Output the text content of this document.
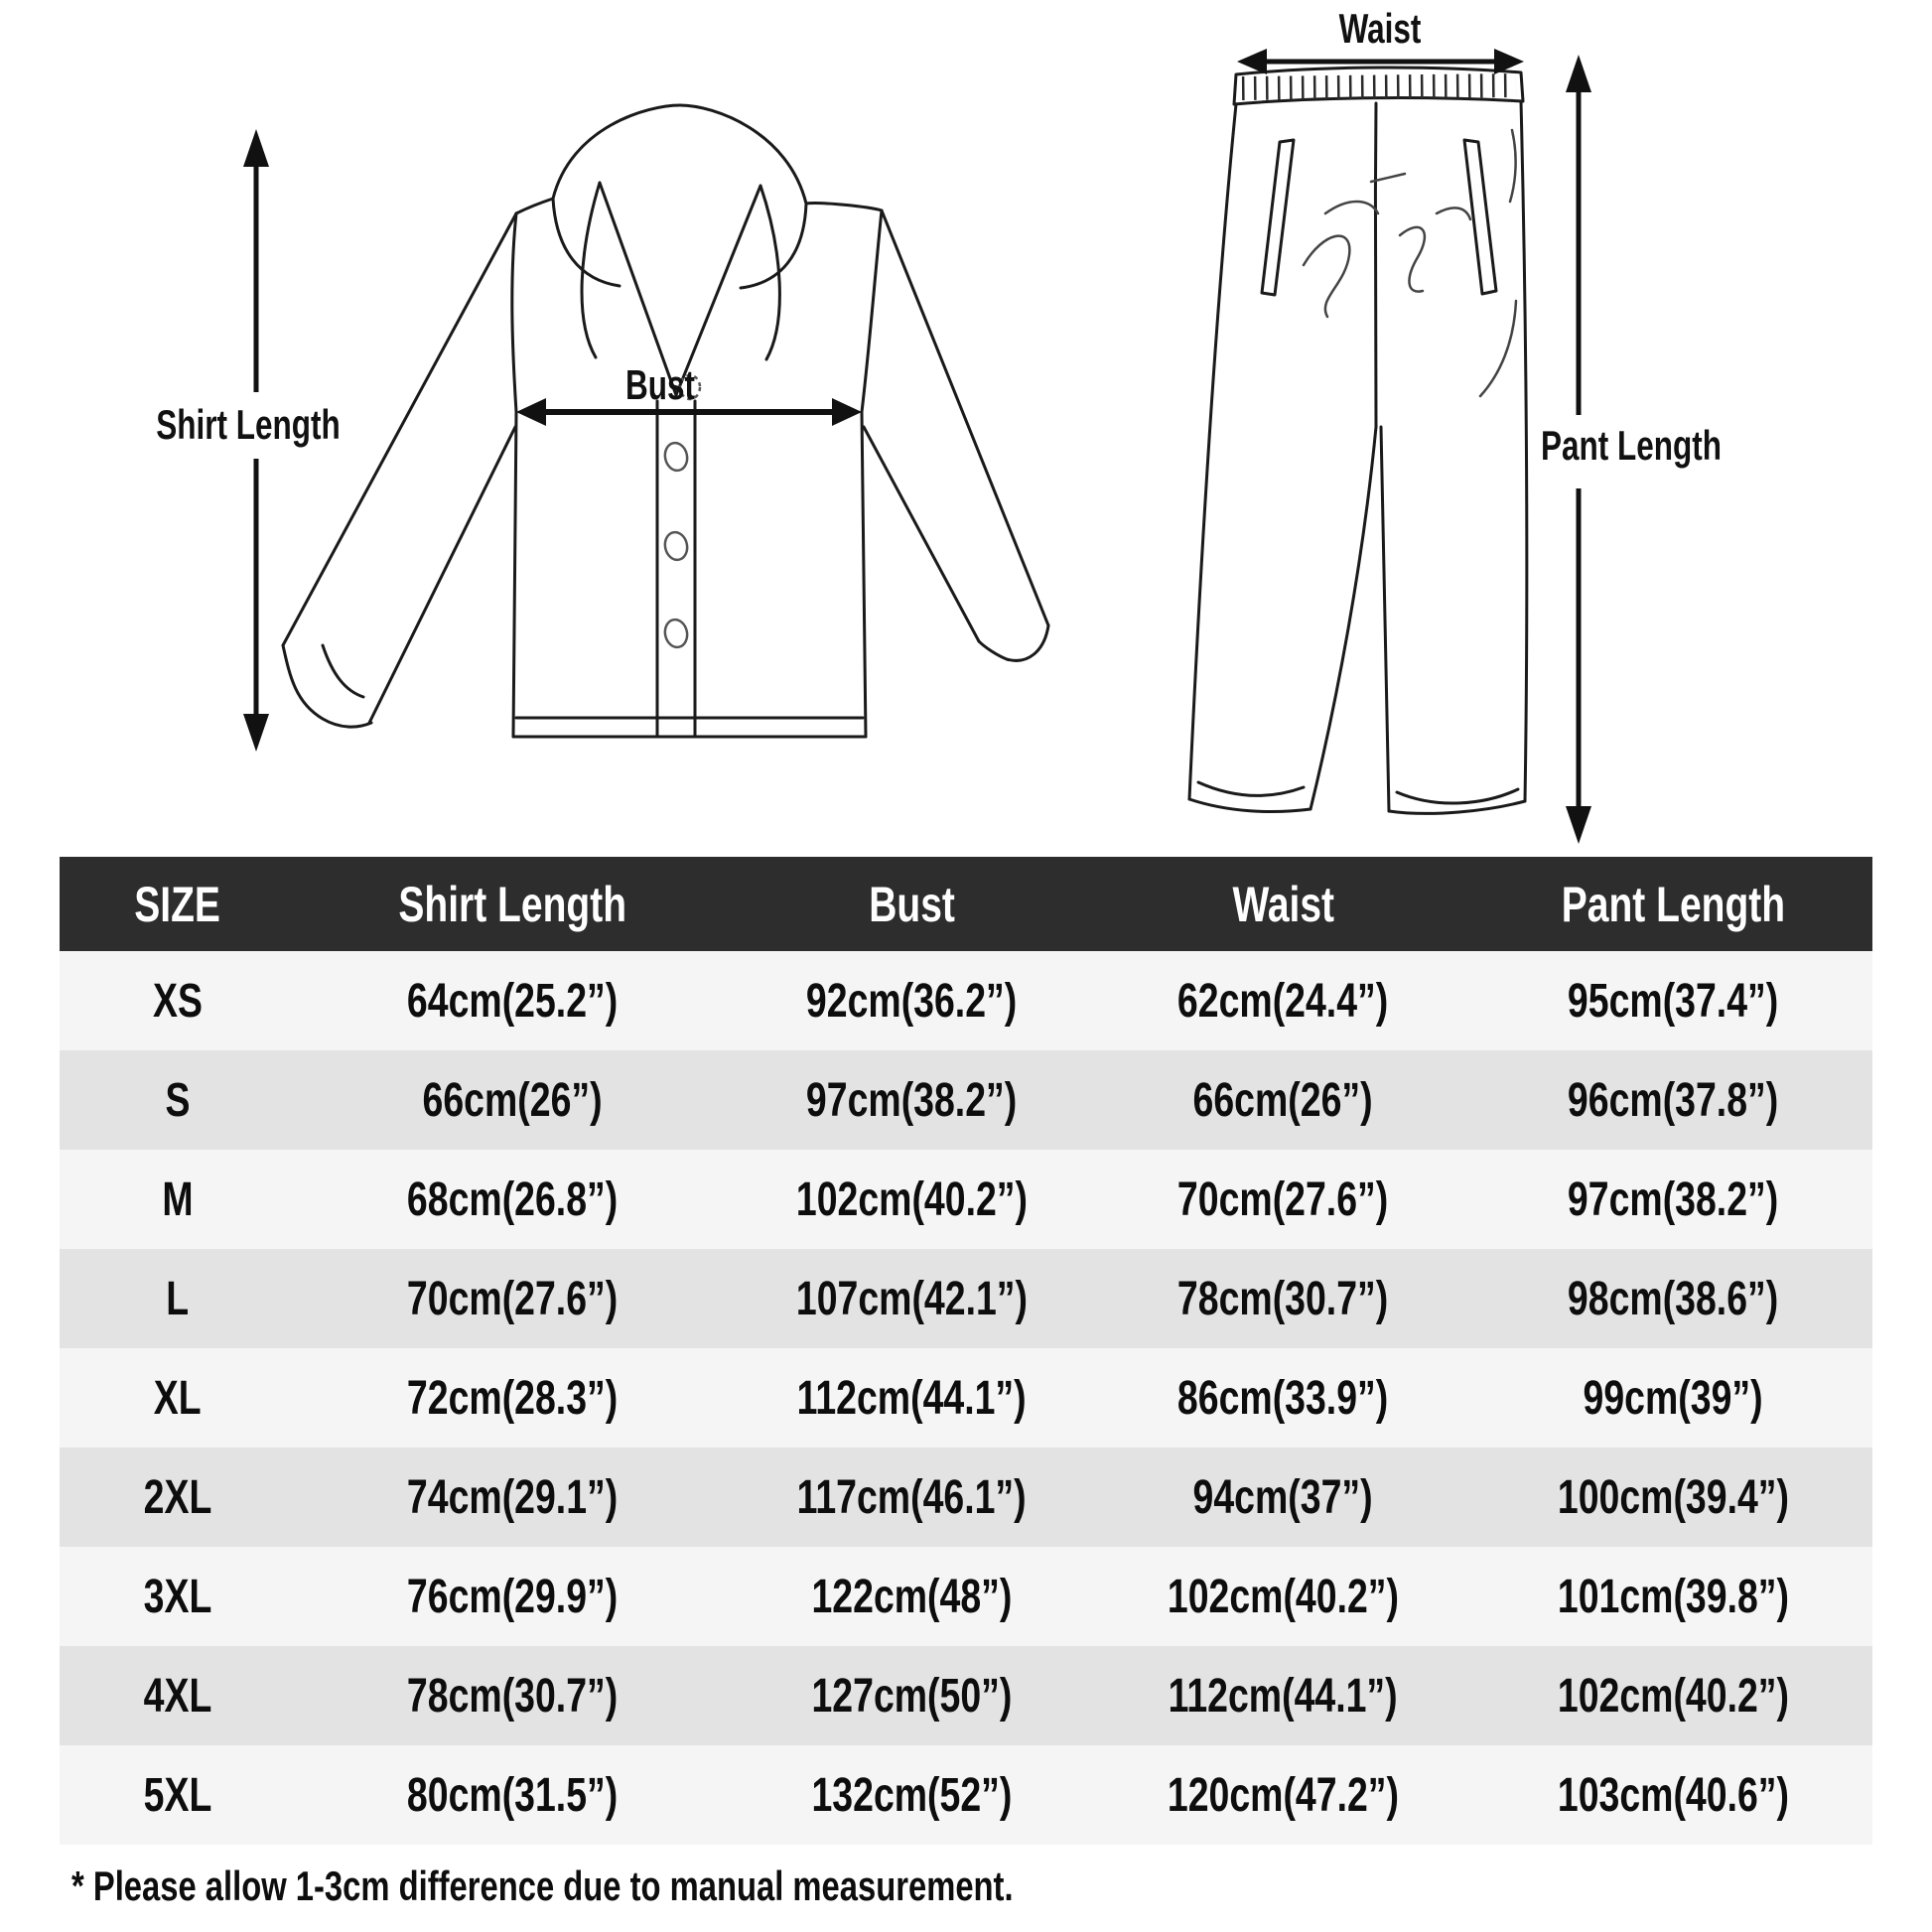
Shirt Length
Bust
Waist
Pant Length
SIZE	Shirt Length	Bust	Waist	Pant Length
XS	64cm(25.2”)	92cm(36.2”)	62cm(24.4”)	95cm(37.4”)
S	66cm(26”)	97cm(38.2”)	66cm(26”)	96cm(37.8”)
M	68cm(26.8”)	102cm(40.2”)	70cm(27.6”)	97cm(38.2”)
L	70cm(27.6”)	107cm(42.1”)	78cm(30.7”)	98cm(38.6”)
XL	72cm(28.3”)	112cm(44.1”)	86cm(33.9”)	99cm(39”)
2XL	74cm(29.1”)	117cm(46.1”)	94cm(37”)	100cm(39.4”)
3XL	76cm(29.9”)	122cm(48”)	102cm(40.2”)	101cm(39.8”)
4XL	78cm(30.7”)	127cm(50”)	112cm(44.1”)	102cm(40.2”)
5XL	80cm(31.5”)	132cm(52”)	120cm(47.2”)	103cm(40.6”)
* Please allow 1-3cm difference due to manual measurement.
